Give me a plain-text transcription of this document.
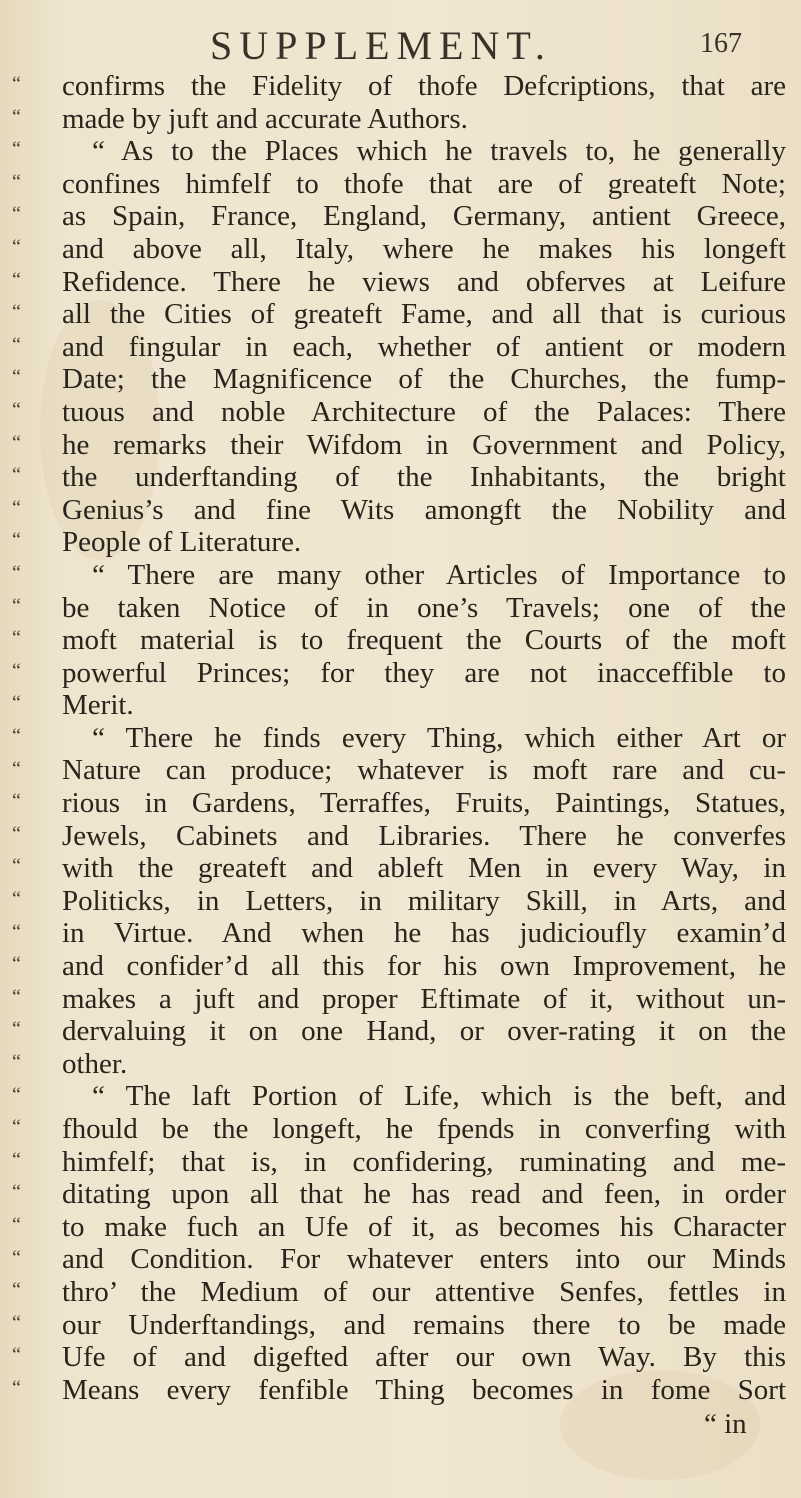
SUPPLEMENT.	167
“
“
“
“
“
“
“
“
“
“
“
“
“
“
“
“
“
“
“
“
“
“
“
“
“
“
“
“
“
“
“
“
“
“
“
“
“
“
“
“
“
confirms the Fidelity of thofe Defcriptions, that are
made by juft and accurate Authors.
“ As to the Places which he travels to, he generally
confines himfelf to thofe that are of greateft Note;
as Spain, France, England, Germany, antient Greece,
and above all, Italy, where he makes his longeft
Refidence. There he views and obferves at Leifure
all the Cities of greateft Fame, and all that is curious
and fingular in each, whether of antient or modern
Date; the Magnificence of the Churches, the fump-
tuous and noble Architecture of the Palaces: There
he remarks their Wifdom in Government and Policy,
the underftanding of the Inhabitants, the bright
Genius’s and fine Wits amongft the Nobility and
People of Literature.
“ There are many other Articles of Importance to
be taken Notice of in one’s Travels; one of the
moft material is to frequent the Courts of the moft
powerful Princes; for they are not inacceffible to
Merit.
“ There he finds every Thing, which either Art or
Nature can produce; whatever is moft rare and cu-
rious in Gardens, Terraffes, Fruits, Paintings, Statues,
Jewels, Cabinets and Libraries. There he converfes
with the greateft and ableft Men in every Way, in
Politicks, in Letters, in military Skill, in Arts, and
in Virtue. And when he has judicioufly examin’d
and confider’d all this for his own Improvement, he
makes a juft and proper Eftimate of it, without un-
dervaluing it on one Hand, or over-rating it on the
other.
“ The laft Portion of Life, which is the beft, and
fhould be the longeft, he fpends in converfing with
himfelf; that is, in confidering, ruminating and me-
ditating upon all that he has read and feen, in order
to make fuch an Ufe of it, as becomes his Character
and Condition. For whatever enters into our Minds
thro’ the Medium of our attentive Senfes, fettles in
our Underftandings, and remains there to be made
Ufe of and digefted after our own Way. By this
Means every fenfible Thing becomes in fome Sort
“ in
